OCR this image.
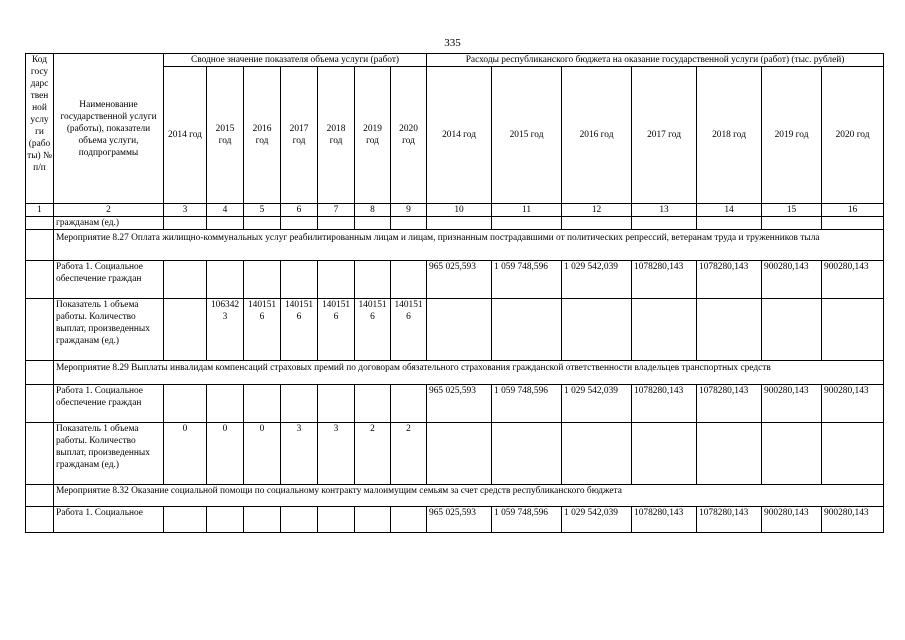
335
Код госу дарс твен ной услу ги (рабо ты) № п/п	Наименование государственной услуги (работы), показатели объема услуги, подпрограммы	Сводное значение показателя объема услуги (работ)							Расходы республиканского бюджета на оказание государственной услуги (работ) (тыс. рублей)						
		2014 год	2015 год	2016 год	2017 год	2018 год	2019 год	2020 год	2014 год	2015 год	2016 год	2017 год	2018 год	2019 год	2020 год
1	2	3	4	5	6	7	8	9	10	11	12	13	14	15	16
	гражданам (ед.)														
	Мероприятие 8.27 Оплата жилищно-коммунальных услуг реабилитированным лицам и лицам, признанным пострадавшими от политических репрессий, ветеранам труда и труженников тыла														
	Работа 1. Социальное обеспечение граждан								965 025,593	1 059 748,596	1 029 542,039	1078280,143	1078280,143	900280,143	900280,143
	Показатель 1 объема работы. Количество выплат, произведенных гражданам (ед.)		1063423	1401516	1401516	1401516	1401516	1401516							
	Мероприятие 8.29 Выплаты инвалидам компенсаций страховых премий по договорам обязательного страхования гражданской ответственности владельцев транспортных средств														
	Работа 1. Социальное обеспечение граждан								965 025,593	1 059 748,596	1 029 542,039	1078280,143	1078280,143	900280,143	900280,143
	Показатель 1 объема работы. Количество выплат, произведенных гражданам (ед.)	0	0	0	3	3	2	2							
	Мероприятие 8.32 Оказание социальной помощи по социальному контракту малоимущим семьям за счет средств республиканского бюджета														
	Работа 1. Социальное								965 025,593	1 059 748,596	1 029 542,039	1078280,143	1078280,143	900280,143	900280,143
